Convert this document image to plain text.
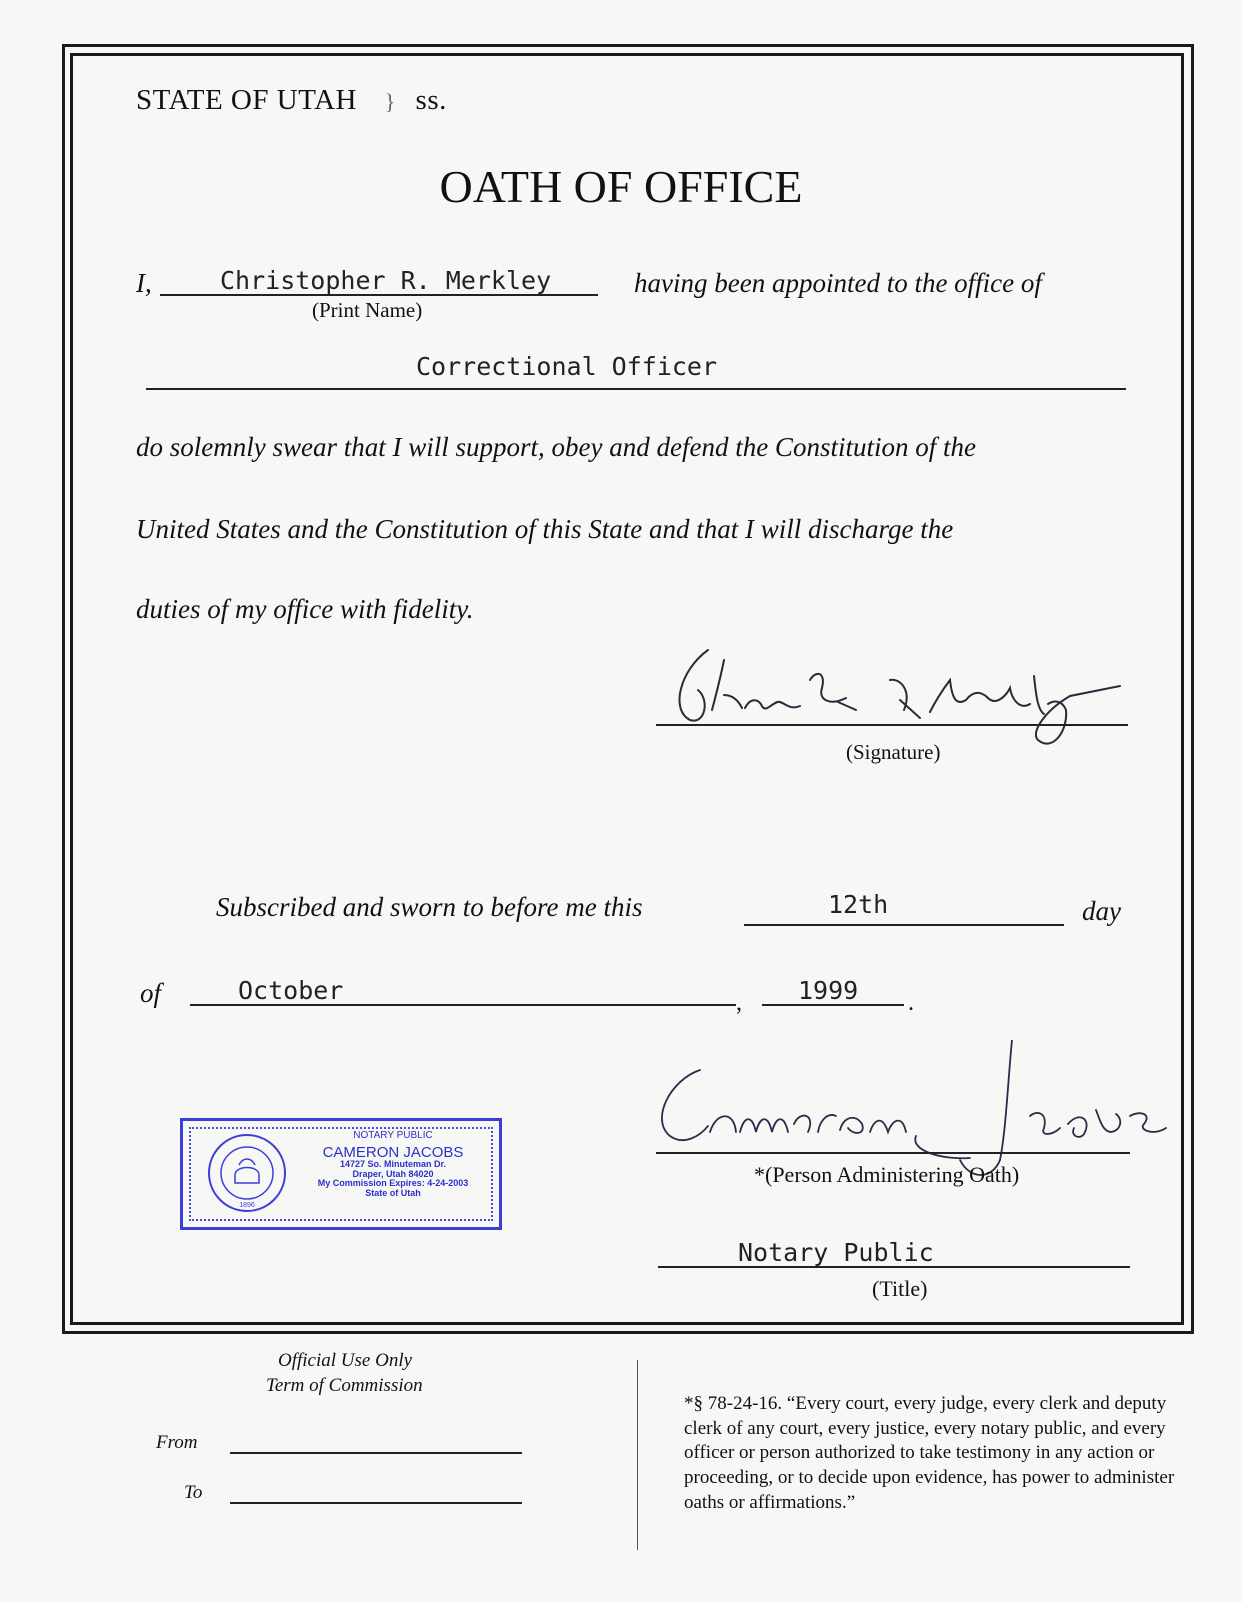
STATE OF UTAH } ss.
OATH OF OFFICE
I,	Christopher R. Merkley
(Print Name)
having been appointed to the office of
Correctional Officer
do solemnly swear that I will support, obey and defend the Constitution of the
United States and the Constitution of this State and that I will discharge the
duties of my office with fidelity.
(Signature)
Subscribed and sworn to before me this	12th	day
of	October	, 1999 .
1896
NOTARY PUBLIC
CAMERON JACOBS
14727 So. Minuteman Dr.
Draper, Utah 84020
My Commission Expires: 4-24-2003
State of Utah
*(Person Administering Oath)
Notary Public
(Title)
Official Use Only
Term of Commission
From
To
*§ 78-24-16. “Every court, every judge, every clerk and deputy clerk of any court, every justice, every notary public, and every officer or person authorized to take testimony in any action or proceeding, or to decide upon evidence, has power to administer oaths or affirmations.”
